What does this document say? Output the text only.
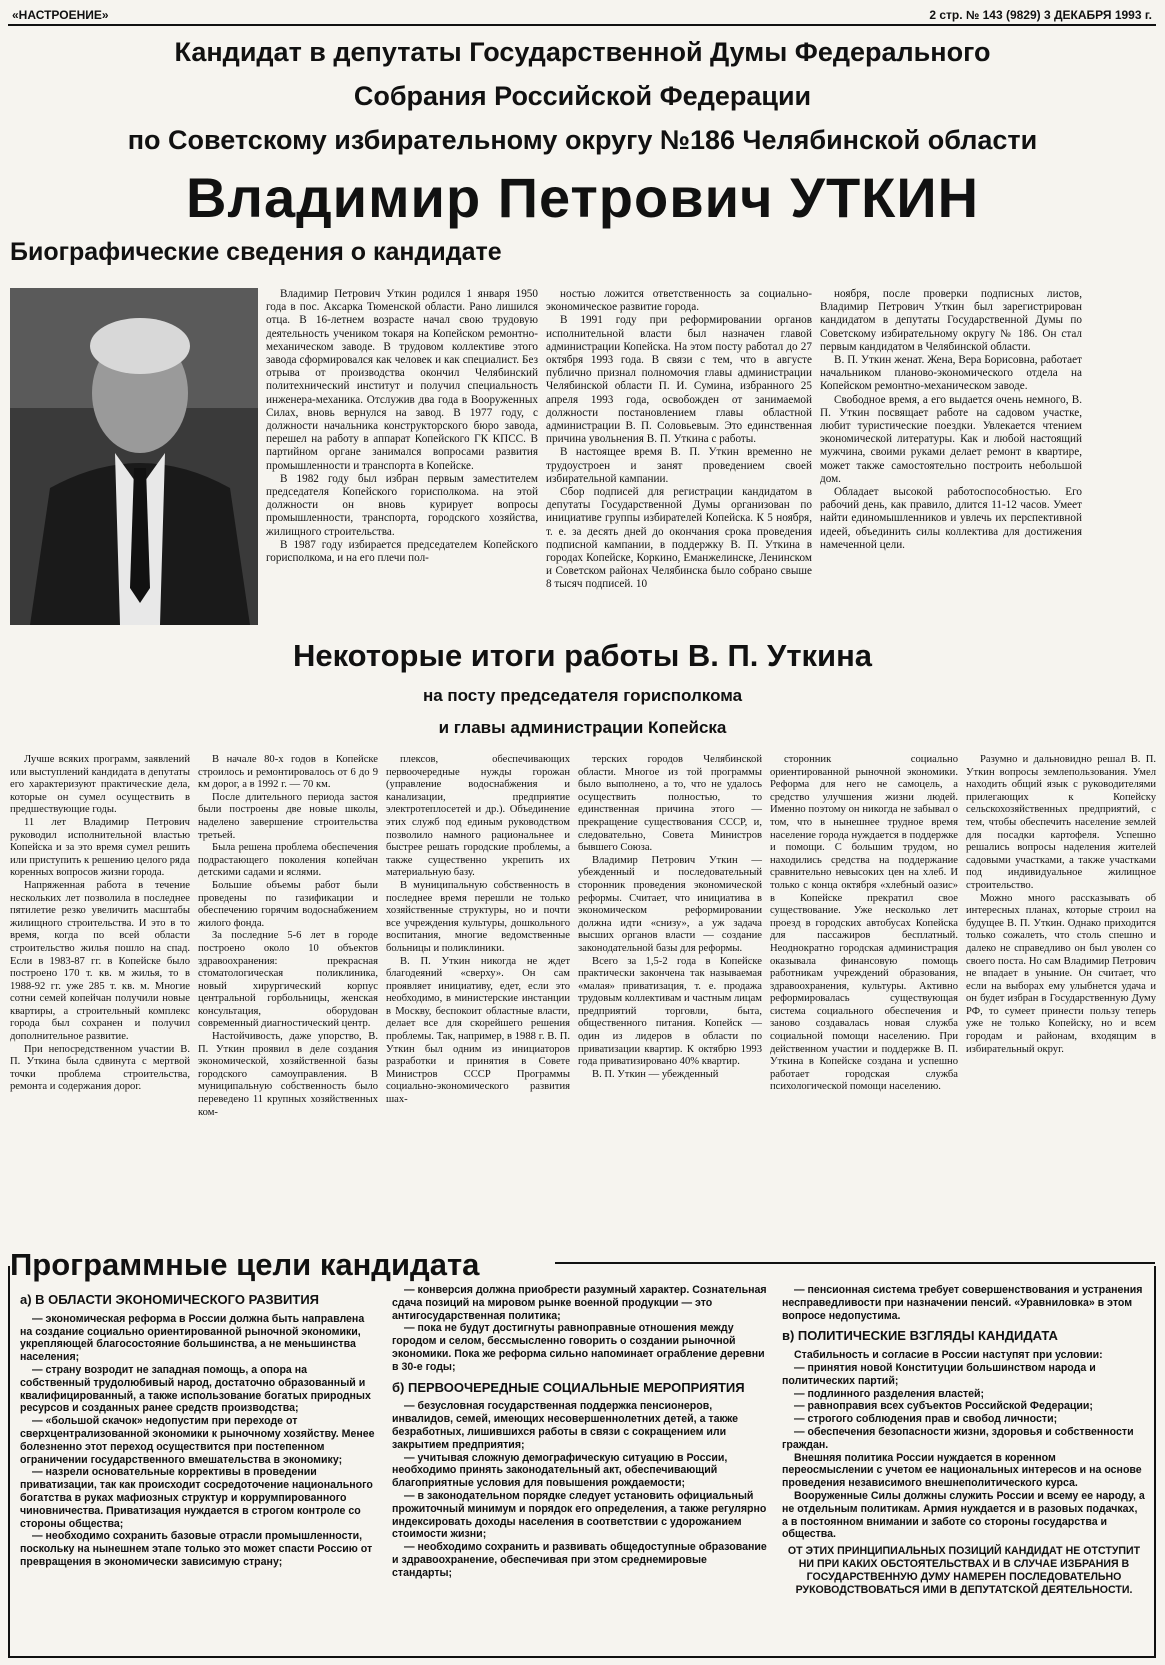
«НАСТРОЕНИЕ»	2 стр. № 143 (9829) 3 ДЕКАБРЯ 1993 г.
Кандидат в депутаты Государственной Думы Федерального
Собрания Российской Федерации
по Советскому избирательному округу №186 Челябинской области
Владимир Петрович УТКИН
Биографические сведения о кандидате

Владимир Петрович Уткин родился 1 января 1950 года в пос. Аксарка Тюменской области. Рано лишился отца. В 16-летнем возрасте начал свою трудовую деятельность учеником токаря на Копейском ремонтно-механическом заводе. В трудовом коллективе этого завода сформировался как человек и как специалист. Без отрыва от производства окончил Челябинский политехнический институт и получил специальность инженера-механика. Отслужив два года в Вооруженных Силах, вновь вернулся на завод. В 1977 году, с должности начальника конструкторского бюро завода, перешел на работу в аппарат Копейского ГК КПСС. В партийном органе занимался вопросами развития промышленности и транспорта в Копейске.

В 1982 году был избран первым заместителем председателя Копейского горисполкома. на этой должности он вновь курирует вопросы промышленности, транспорта, городского хозяйства, жилищного строительства.

В 1987 году избирается председателем Копейского горисполкома, и на его плечи пол-

ностью ложится ответственность за социально-экономическое развитие города.

В 1991 году при реформировании органов исполнительной власти был назначен главой администрации Копейска. На этом посту работал до 27 октября 1993 года. В связи с тем, что в августе публично признал полномочия главы администрации Челябинской области П. И. Сумина, избранного 25 апреля 1993 года, освобожден от занимаемой должности постановлением главы областной администрации В. П. Соловьевым. Это единственная причина увольнения В. П. Уткина с работы.

В настоящее время В. П. Уткин временно не трудоустроен и занят проведением своей избирательной кампании.

Сбор подписей для регистрации кандидатом в депутаты Государственной Думы организован по инициативе группы избирателей Копейска. К 5 ноября, т. е. за десять дней до окончания срока проведения подписной кампании, в поддержку В. П. Уткина в городах Копейске, Коркино, Еманжелинске, Ленинском и Советском районах Челябинска было собрано свыше 8 тысяч подписей. 10

ноября, после проверки подписных листов, Владимир Петрович Уткин был зарегистрирован кандидатом в депутаты Государственной Думы по Советскому избирательному округу № 186. Он стал первым кандидатом в Челябинской области.

В. П. Уткин женат. Жена, Вера Борисовна, работает начальником планово-экономического отдела на Копейском ремонтно-механическом заводе.

Свободное время, а его выдается очень немного, В. П. Уткин посвящает работе на садовом участке, любит туристические поездки. Увлекается чтением экономической литературы. Как и любой настоящий мужчина, своими руками делает ремонт в квартире, может также самостоятельно построить небольшой дом.

Обладает высокой работоспособностью. Его рабочий день, как правило, длится 11-12 часов. Умеет найти единомышленников и увлечь их перспективной идеей, объединить силы коллектива для достижения намеченной цели.

Некоторые итоги работы В. П. Уткина
на посту председателя горисполкома
и главы администрации Копейска

Лучше всяких программ, заявлений или выступлений кандидата в депутаты его характеризуют практические дела, которые он сумел осуществить в предшествующие годы.

11 лет Владимир Петрович руководил исполнительной властью Копейска и за это время сумел решить или приступить к решению целого ряда коренных вопросов жизни города.

Напряженная работа в течение нескольких лет позволила в последнее пятилетие резко увеличить масштабы жилищного строительства. И это в то время, когда по всей области строительство жилья пошло на спад. Если в 1983-87 гг. в Копейске было построено 170 т. кв. м жилья, то в 1988-92 гг. уже 285 т. кв. м. Многие сотни семей копейчан получили новые квартиры, а строительный комплекс города был сохранен и получил дополнительное развитие.

При непосредственном участии В. П. Уткина была сдвинута с мертвой точки проблема строительства, ремонта и содержания дорог.

В начале 80-х годов в Копейске строилось и ремонтировалось от 6 до 9 км дорог, а в 1992 г. — 70 км.

После длительного периода застоя были построены две новые школы, наделено завершение строительства третьей.

Была решена проблема обеспечения подрастающего поколения копейчан детскими садами и яслями.

Большие объемы работ были проведены по газификации и обеспечению горячим водоснабжением жилого фонда.

За последние 5-6 лет в городе построено около 10 объектов здравоохранения: прекрасная стоматологическая поликлиника, новый хирургический корпус центральной горбольницы, женская консультация, оборудован современный диагностический центр.

Настойчивость, даже упорство, В. П. Уткин проявил в деле создания экономической, хозяйственной базы городского самоуправления. В муниципальную собственность было переведено 11 крупных хозяйственных ком-

плексов, обеспечивающих первоочередные нужды горожан (управление водоснабжения и канализации, предприятие электротеплосетей и др.). Объединение этих служб под единым руководством позволило намного рациональнее и быстрее решать городские проблемы, а также существенно укрепить их материальную базу.

В муниципальную собственность в последнее время перешли не только хозяйственные структуры, но и почти все учреждения культуры, дошкольного воспитания, многие ведомственные больницы и поликлиники.

В. П. Уткин никогда не ждет благодеяний «сверху». Он сам проявляет инициативу, едет, если это необходимо, в министерские инстанции в Москву, беспокоит областные власти, делает все для скорейшего решения проблемы. Так, например, в 1988 г. В. П. Уткин был одним из инициаторов разработки и принятия в Совете Министров СССР Программы социально-экономического развития шах-

терских городов Челябинской области. Многое из той программы было выполнено, а то, что не удалось осуществить полностью, то единственная причина этого — прекращение существования СССР, и, следовательно, Совета Министров бывшего Союза.

Владимир Петрович Уткин — убежденный и последовательный сторонник проведения экономической реформы. Считает, что инициатива в экономическом реформировании должна идти «снизу», а уж задача высших органов власти — создание законодательной базы для реформы.

Всего за 1,5-2 года в Копейске практически закончена так называемая «малая» приватизация, т. е. продажа трудовым коллективам и частным лицам предприятий торговли, быта, общественного питания. Копейск — один из лидеров в области по приватизации квартир. К октябрю 1993 года приватизировано 40% квартир.

В. П. Уткин — убежденный

сторонник социально ориентированной рыночной экономики. Реформа для него не самоцель, а средство улучшения жизни людей. Именно поэтому он никогда не забывал о том, что в нынешнее трудное время население города нуждается в поддержке и помощи. С большим трудом, но находились средства на поддержание сравнительно невысоких цен на хлеб. И только с конца октября «хлебный оазис» в Копейске прекратил свое существование. Уже несколько лет проезд в городских автобусах Копейска для пассажиров бесплатный. Неоднократно городская администрация оказывала финансовую помощь работникам учреждений образования, здравоохранения, культуры. Активно реформировалась существующая система социального обеспечения и заново создавалась новая служба социальной помощи населению. При действенном участии и поддержке В. П. Уткина в Копейске создана и успешно работает городская служба психологической помощи населению.

Разумно и дальновидно решал В. П. Уткин вопросы землепользования. Умел находить общий язык с руководителями прилегающих к Копейску сельскохозяйственных предприятий, с тем, чтобы обеспечить население землей для посадки картофеля. Успешно решались вопросы наделения жителей садовыми участками, а также участками под индивидуальное жилищное строительство.

Можно много рассказывать об интересных планах, которые строил на будущее В. П. Уткин. Однако приходится только сожалеть, что столь спешно и далеко не справедливо он был уволен со своего поста. Но сам Владимир Петрович не впадает в уныние. Он считает, что если на выборах ему улыбнется удача и он будет избран в Государственную Думу РФ, то сумеет принести пользу теперь уже не только Копейску, но и всем городам и районам, входящим в избирательный округ.

Программные цели кандидата
а) В ОБЛАСТИ ЭКОНОМИЧЕСКОГО РАЗВИТИЯ

— экономическая реформа в России должна быть направлена на создание социально ориентированной рыночной экономики, укрепляющей благосостояние большинства, а не меньшинства населения;

— страну возродит не западная помощь, а опора на собственный трудолюбивый народ, достаточно образованный и квалифицированный, а также использование богатых природных ресурсов и созданных ранее средств производства;

— «большой скачок» недопустим при переходе от сверхцентрализованной экономики к рыночному хозяйству. Менее болезненно этот переход осуществится при постепенном ограничении государственного вмешательства в экономику;

— назрели основательные коррективы в проведении приватизации, так как происходит сосредоточение национального богатства в руках мафиозных структур и коррумпированного чиновничества. Приватизация нуждается в строгом контроле со стороны общества;

— необходимо сохранить базовые отрасли промышленности, поскольку на нынешнем этапе только это может спасти Россию от превращения в экономически зависимую страну;

— конверсия должна приобрести разумный характер. Сознательная сдача позиций на мировом рынке военной продукции — это антигосударственная политика;

— пока не будут достигнуты равноправные отношения между городом и селом, бессмысленно говорить о создании рыночной экономики. Пока же реформа сильно напоминает ограбление деревни в 30-е годы;

б) ПЕРВООЧЕРЕДНЫЕ СОЦИАЛЬНЫЕ МЕРОПРИЯТИЯ

— безусловная государственная поддержка пенсионеров, инвалидов, семей, имеющих несовершеннолетних детей, а также безработных, лишившихся работы в связи с сокращением или закрытием предприятия;

— учитывая сложную демографическую ситуацию в России, необходимо принять законодательный акт, обеспечивающий благоприятные условия для повышения рождаемости;

— в законодательном порядке следует установить официальный прожиточный минимум и порядок его определения, а также регулярно индексировать доходы населения в соответствии с удорожанием стоимости жизни;

— необходимо сохранить и развивать общедоступные образование и здравоохранение, обеспечивая при этом среднемировые стандарты;

— пенсионная система требует совершенствования и устранения несправедливости при назначении пенсий. «Уравниловка» в этом вопросе недопустима.

в) ПОЛИТИЧЕСКИЕ ВЗГЛЯДЫ КАНДИДАТА

Стабильность и согласие в России наступят при условии:

— принятия новой Конституции большинством народа и политических партий;

— подлинного разделения властей;

— равноправия всех субъектов Российской Федерации;

— строгого соблюдения прав и свобод личности;

— обеспечения безопасности жизни, здоровья и собственности граждан.

Внешняя политика России нуждается в коренном переосмыслении с учетом ее национальных интересов и на основе проведения независимого внешнеполитического курса.

Вооруженные Силы должны служить России и всему ее народу, а не отдельным политикам. Армия нуждается и в разовых подачках, а в постоянном внимании и заботе со стороны государства и общества.

ОТ ЭТИХ ПРИНЦИПИАЛЬНЫХ ПОЗИЦИЙ КАНДИДАТ НЕ ОТСТУПИТ НИ ПРИ КАКИХ ОБСТОЯТЕЛЬСТВАХ И В СЛУЧАЕ ИЗБРАНИЯ В ГОСУДАРСТВЕННУЮ ДУМУ НАМЕРЕН ПОСЛЕДОВАТЕЛЬНО РУКОВОДСТВОВАТЬСЯ ИМИ В ДЕПУТАТСКОЙ ДЕЯТЕЛЬНОСТИ.
